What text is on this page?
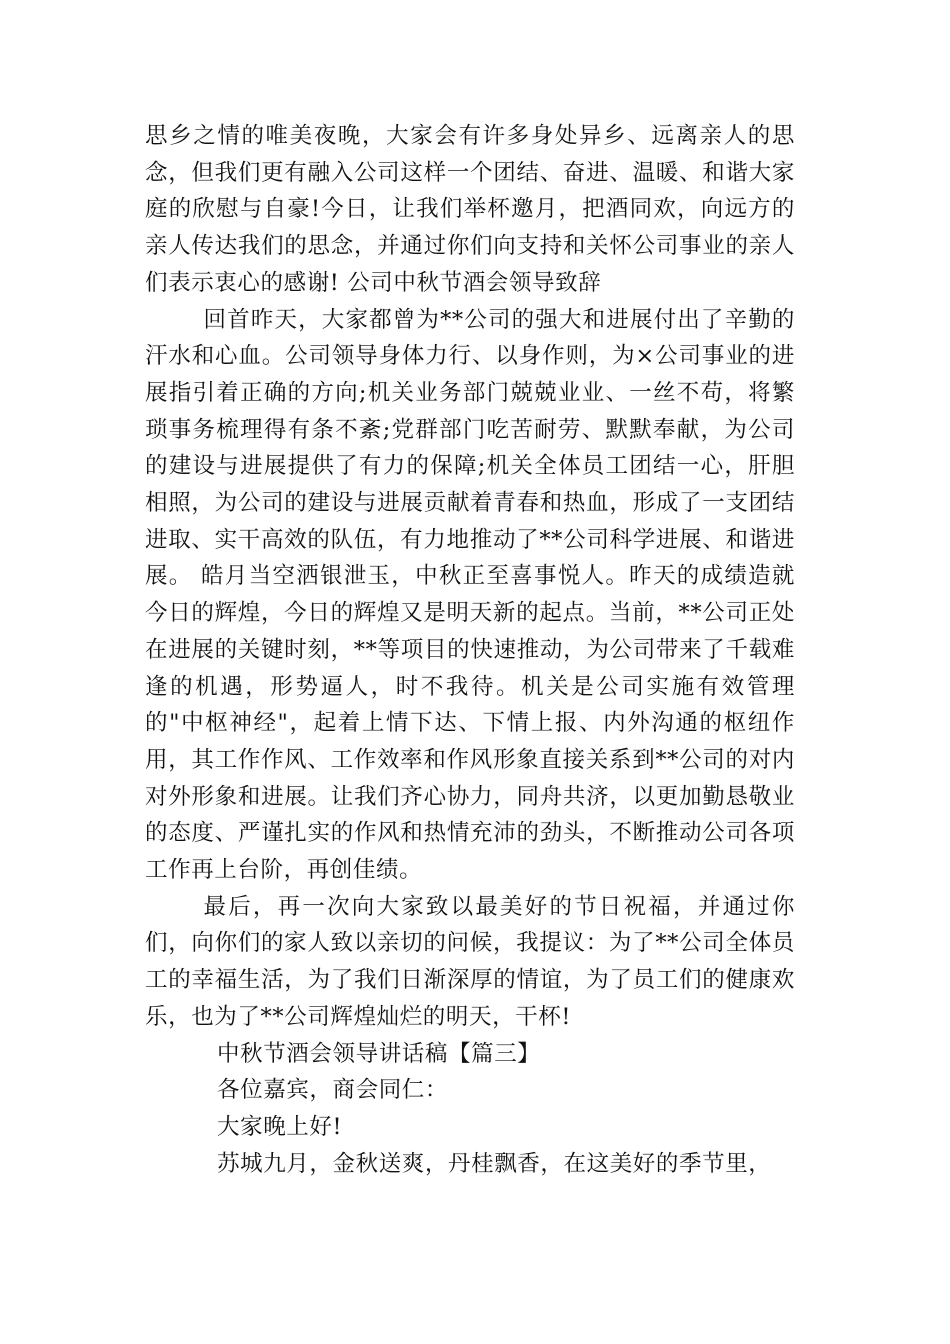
思乡之情的唯美夜晚，大家会有许多身处异乡、远离亲人的思念，但我们更有融入公司这样一个团结、奋进、温暖、和谐大家庭的欣慰与自豪!今日，让我们举杯邀月，把酒同欢，向远方的亲人传达我们的思念，并通过你们向支持和关怀公司事业的亲人们表示衷心的感谢! 公司中秋节酒会领导致辞

回首昨天，大家都曾为**公司的强大和进展付出了辛勤的汗水和心血。公司领导身体力行、以身作则，为×公司事业的进展指引着正确的方向;机关业务部门兢兢业业、一丝不苟，将繁琐事务梳理得有条不紊;党群部门吃苦耐劳、默默奉献，为公司的建设与进展提供了有力的保障;机关全体员工团结一心，肝胆相照，为公司的建设与进展贡献着青春和热血，形成了一支团结进取、实干高效的队伍，有力地推动了**公司科学进展、和谐进展。 皓月当空洒银泄玉，中秋正至喜事悦人。昨天的成绩造就今日的辉煌，今日的辉煌又是明天新的起点。当前，**公司正处在进展的关键时刻，**等项目的快速推动，为公司带来了千载难逢的机遇，形势逼人，时不我待。机关是公司实施有效管理的"中枢神经"，起着上情下达、下情上报、内外沟通的枢纽作用，其工作作风、工作效率和作风形象直接关系到**公司的对内对外形象和进展。让我们齐心协力，同舟共济，以更加勤恳敬业的态度、严谨扎实的作风和热情充沛的劲头，不断推动公司各项工作再上台阶，再创佳绩。

最后，再一次向大家致以最美好的节日祝福，并通过你们，向你们的家人致以亲切的问候，我提议：为了**公司全体员工的幸福生活，为了我们日渐深厚的情谊，为了员工们的健康欢乐，也为了**公司辉煌灿烂的明天，干杯!

中秋节酒会领导讲话稿【篇三】

各位嘉宾，商会同仁：

大家晚上好!

苏城九月，金秋送爽，丹桂飘香，在这美好的季节里，
